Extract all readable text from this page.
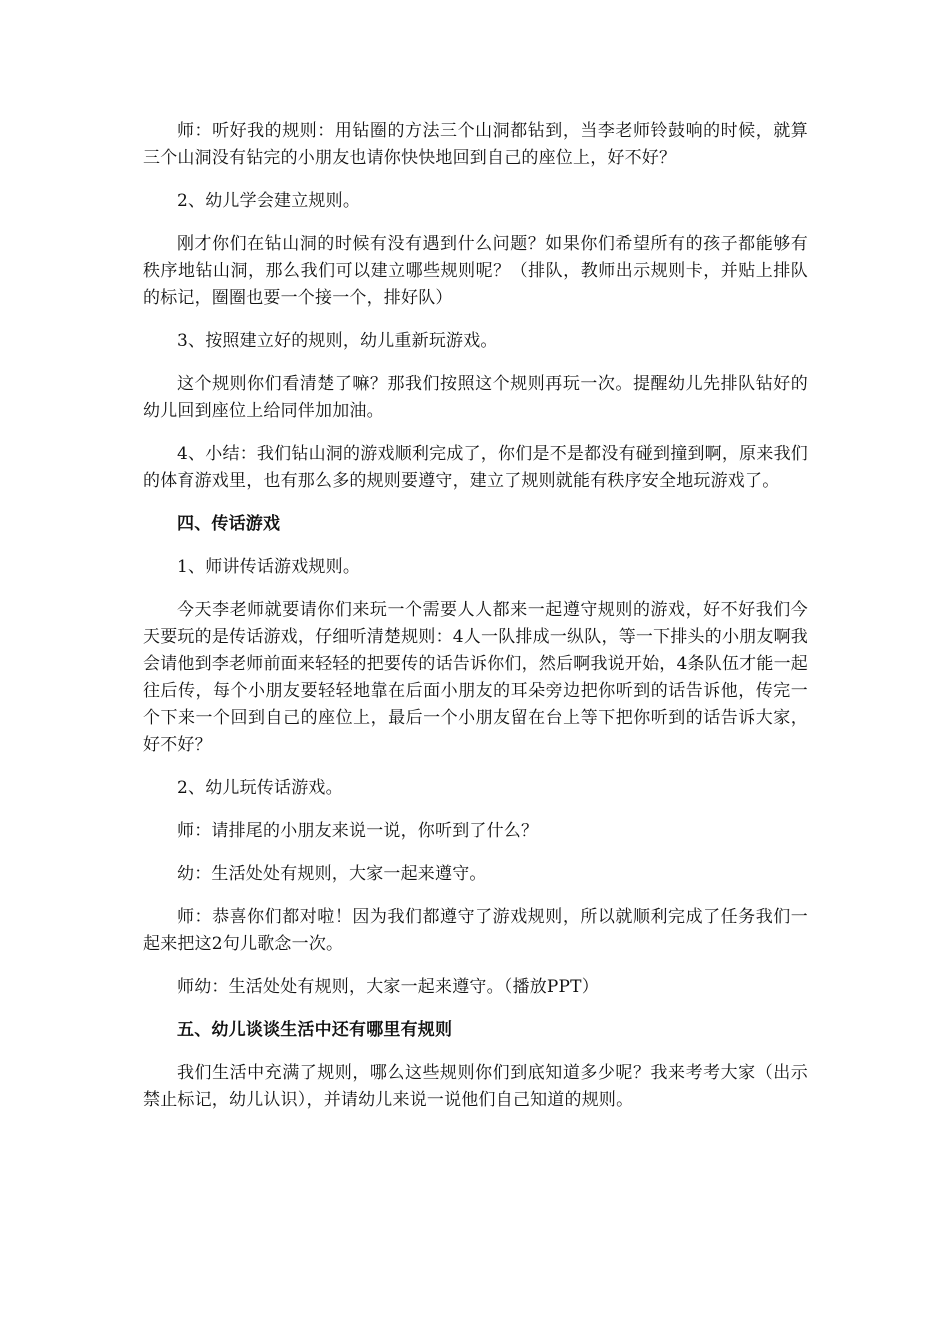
师：听好我的规则：用钻圈的方法三个山洞都钻到，当李老师铃鼓响的时候，就算三个山洞没有钻完的小朋友也请你快快地回到自己的座位上，好不好？

2、幼儿学会建立规则。

刚才你们在钻山洞的时候有没有遇到什么问题？如果你们希望所有的孩子都能够有秩序地钻山洞，那么我们可以建立哪些规则呢？（排队，教师出示规则卡，并贴上排队的标记，圈圈也要一个接一个，排好队）

3、按照建立好的规则，幼儿重新玩游戏。

这个规则你们看清楚了嘛？那我们按照这个规则再玩一次。提醒幼儿先排队钻好的幼儿回到座位上给同伴加加油。

4、小结：我们钻山洞的游戏顺利完成了，你们是不是都没有碰到撞到啊，原来我们的体育游戏里，也有那么多的规则要遵守，建立了规则就能有秩序安全地玩游戏了。

四、传话游戏

1、师讲传话游戏规则。

今天李老师就要请你们来玩一个需要人人都来一起遵守规则的游戏，好不好我们今天要玩的是传话游戏，仔细听清楚规则：4人一队排成一纵队，等一下排头的小朋友啊我会请他到李老师前面来轻轻的把要传的话告诉你们，然后啊我说开始，4条队伍才能一起往后传，每个小朋友要轻轻地靠在后面小朋友的耳朵旁边把你听到的话告诉他，传完一个下来一个回到自己的座位上，最后一个小朋友留在台上等下把你听到的话告诉大家，好不好？

2、幼儿玩传话游戏。

师：请排尾的小朋友来说一说，你听到了什么？

幼：生活处处有规则，大家一起来遵守。

师：恭喜你们都对啦！因为我们都遵守了游戏规则，所以就顺利完成了任务我们一起来把这2句儿歌念一次。

师幼：生活处处有规则，大家一起来遵守。（播放PPT）

五、幼儿谈谈生活中还有哪里有规则

我们生活中充满了规则，哪么这些规则你们到底知道多少呢？我来考考大家（出示禁止标记，幼儿认识），并请幼儿来说一说他们自己知道的规则。
